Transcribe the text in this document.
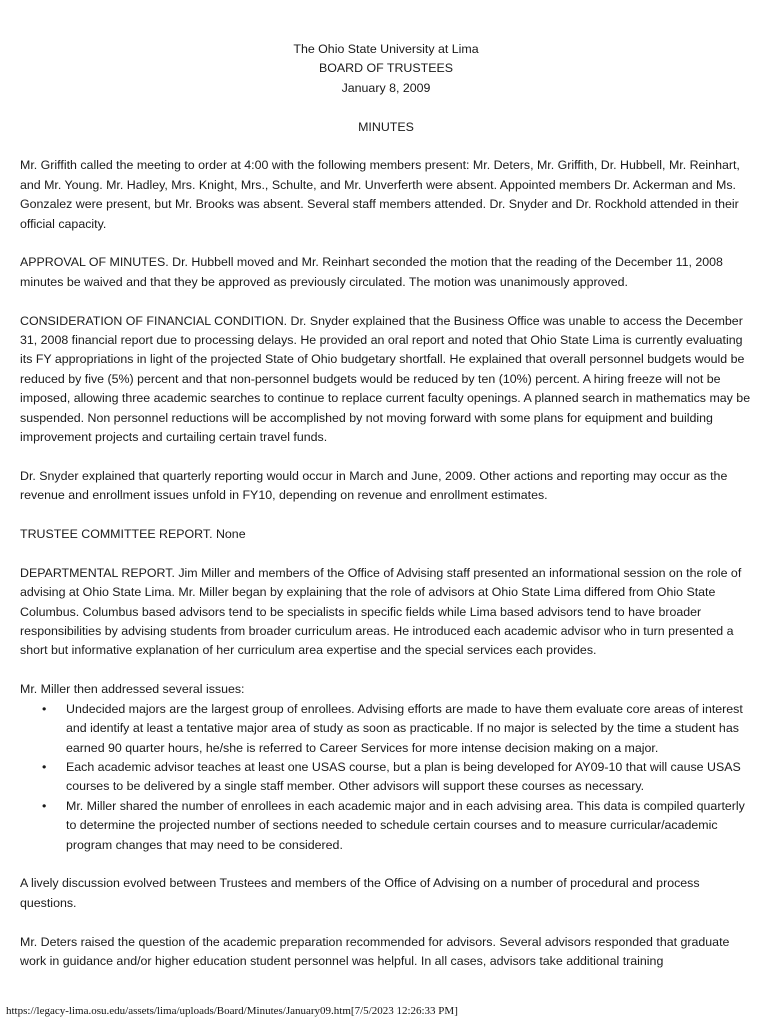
The Ohio State University at Lima

BOARD OF TRUSTEES

January 8, 2009

MINUTES

Mr. Griffith called the meeting to order at 4:00 with the following members present: Mr. Deters, Mr. Griffith, Dr. Hubbell, Mr. Reinhart, and Mr. Young. Mr. Hadley, Mrs. Knight, Mrs., Schulte, and Mr. Unverferth were absent. Appointed members Dr. Ackerman and Ms. Gonzalez were present, but Mr. Brooks was absent. Several staff members attended. Dr. Snyder and Dr. Rockhold attended in their official capacity.

APPROVAL OF MINUTES. Dr. Hubbell moved and Mr. Reinhart seconded the motion that the reading of the December 11, 2008 minutes be waived and that they be approved as previously circulated. The motion was unanimously approved.

CONSIDERATION OF FINANCIAL CONDITION. Dr. Snyder explained that the Business Office was unable to access the December 31, 2008 financial report due to processing delays. He provided an oral report and noted that Ohio State Lima is currently evaluating its FY appropriations in light of the projected State of Ohio budgetary shortfall. He explained that overall personnel budgets would be reduced by five (5%) percent and that non-personnel budgets would be reduced by ten (10%) percent. A hiring freeze will not be imposed, allowing three academic searches to continue to replace current faculty openings. A planned search in mathematics may be suspended. Non personnel reductions will be accomplished by not moving forward with some plans for equipment and building improvement projects and curtailing certain travel funds.

Dr. Snyder explained that quarterly reporting would occur in March and June, 2009. Other actions and reporting may occur as the revenue and enrollment issues unfold in FY10, depending on revenue and enrollment estimates.

TRUSTEE COMMITTEE REPORT. None

DEPARTMENTAL REPORT. Jim Miller and members of the Office of Advising staff presented an informational session on the role of advising at Ohio State Lima. Mr. Miller began by explaining that the role of advisors at Ohio State Lima differed from Ohio State Columbus. Columbus based advisors tend to be specialists in specific fields while Lima based advisors tend to have broader responsibilities by advising students from broader curriculum areas. He introduced each academic advisor who in turn presented a short but informative explanation of her curriculum area expertise and the special services each provides.

Mr. Miller then addressed several issues:
• Undecided majors are the largest group of enrollees. Advising efforts are made to have them evaluate core areas of interest and identify at least a tentative major area of study as soon as practicable. If no major is selected by the time a student has earned 90 quarter hours, he/she is referred to Career Services for more intense decision making on a major.
• Each academic advisor teaches at least one USAS course, but a plan is being developed for AY09-10 that will cause USAS courses to be delivered by a single staff member. Other advisors will support these courses as necessary.
• Mr. Miller shared the number of enrollees in each academic major and in each advising area. This data is compiled quarterly to determine the projected number of sections needed to schedule certain courses and to measure curricular/academic program changes that may need to be considered.

A lively discussion evolved between Trustees and members of the Office of Advising on a number of procedural and process questions.

Mr. Deters raised the question of the academic preparation recommended for advisors. Several advisors responded that graduate work in guidance and/or higher education student personnel was helpful. In all cases, advisors take additional training

https://legacy-lima.osu.edu/assets/lima/uploads/Board/Minutes/January09.htm[7/5/2023 12:26:33 PM]
